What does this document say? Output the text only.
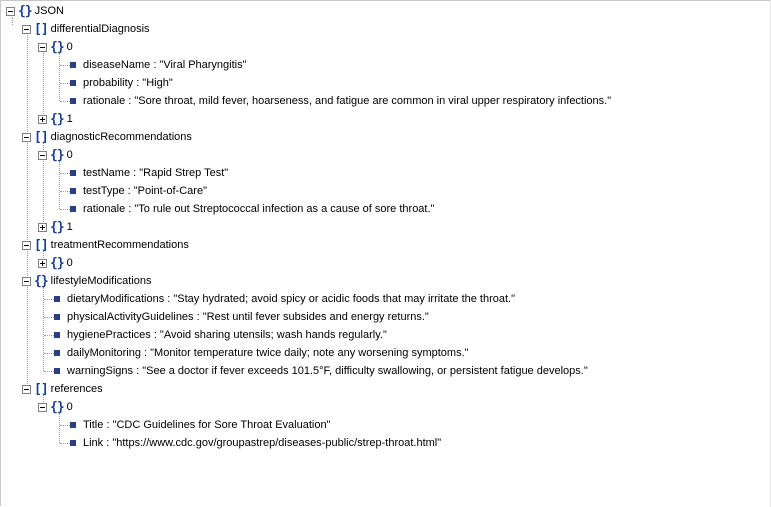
{} JSON
[] differentialDiagnosis
{} 0
diseaseName : "Viral Pharyngitis"
probability : "High"
rationale : "Sore throat, mild fever, hoarseness, and fatigue are common in viral upper respiratory infections."
{} 1
[] diagnosticRecommendations
{} 0
testName : "Rapid Strep Test"
testType : "Point-of-Care"
rationale : "To rule out Streptococcal infection as a cause of sore throat."
{} 1
[] treatmentRecommendations
{} 0
{} lifestyleModifications
dietaryModifications : "Stay hydrated; avoid spicy or acidic foods that may irritate the throat."
physicalActivityGuidelines : "Rest until fever subsides and energy returns."
hygienePractices : "Avoid sharing utensils; wash hands regularly."
dailyMonitoring : "Monitor temperature twice daily; note any worsening symptoms."
warningSigns : "See a doctor if fever exceeds 101.5°F, difficulty swallowing, or persistent fatigue develops."
[] references
{} 0
Title : "CDC Guidelines for Sore Throat Evaluation"
Link : "https://www.cdc.gov/groupastrep/diseases-public/strep-throat.html"
